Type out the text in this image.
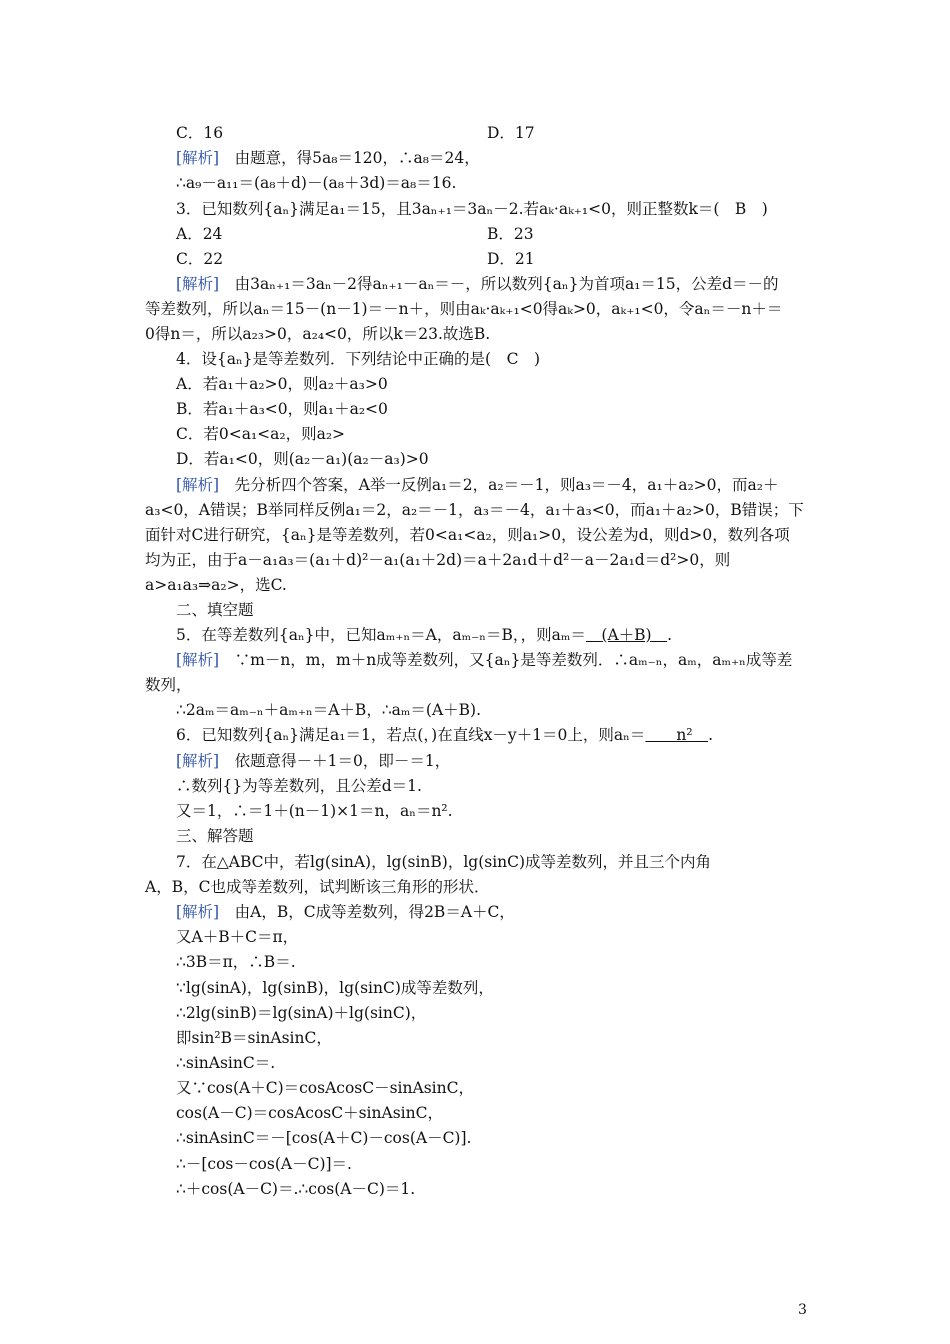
C．16	D．17
[解析]　 由题意，得5a₈＝120，∴a₈＝24，
∴a₉－a₁₁＝(a₈＋d)－(a₈＋3d)＝a₈＝16.
3．已知数列{aₙ}满足a₁＝15，且3aₙ₊₁＝3aₙ－2.若aₖ·aₖ₊₁<0，则正整数k＝(　B　)
A．24	B．23
C．22	D．21
[解析]　 由3aₙ₊₁＝3aₙ－2得aₙ₊₁－aₙ＝－，所以数列{aₙ}为首项a₁＝15，公差d＝－的
等差数列，所以aₙ＝15－(n－1)＝－n＋，则由aₖ·aₖ₊₁<0得aₖ>0，aₖ₊₁<0，令aₙ＝－n＋＝
0得n＝，所以a₂₃>0，a₂₄<0，所以k＝23.故选B.
4．设{aₙ}是等差数列．下列结论中正确的是(　C　)
A．若a₁＋a₂>0，则a₂＋a₃>0
B．若a₁＋a₃<0，则a₁＋a₂<0
C．若0<a₁<a₂，则a₂>
D．若a₁<0，则(a₂－a₁)(a₂－a₃)>0
[解析]　 先分析四个答案，A举一反例a₁＝2，a₂＝－1，则a₃＝－4，a₁＋a₂>0，而a₂＋
a₃<0，A错误；B举同样反例a₁＝2，a₂＝－1，a₃＝－4，a₁＋a₃<0，而a₁＋a₂>0，B错误；下
面针对C进行研究，{aₙ}是等差数列，若0<a₁<a₂，则a₁>0，设公差为d，则d>0，数列各项
均为正，由于a－a₁a₃＝(a₁＋d)²－a₁(a₁＋2d)＝a＋2a₁d＋d²－a－2a₁d＝d²>0，则
a>a₁a₃⇒a₂>，选C.
二、填空题
5．在等差数列{aₙ}中，已知aₘ₊ₙ＝A，aₘ₋ₙ＝B，，则aₘ＝　 (A＋B)　 .
[解析]　 ∵m－n，m，m＋n成等差数列，又{aₙ}是等差数列．∴aₘ₋ₙ，aₘ，aₘ₊ₙ成等差
数列，
∴2aₘ＝aₘ₋ₙ＋aₘ₊ₙ＝A＋B，∴aₘ＝(A＋B).
6．已知数列{aₙ}满足a₁＝1，若点(，)在直线x－y＋1＝0上，则aₙ＝　　 n²　 .
[解析]　 依题意得－＋1＝0，即－＝1，
∴数列{}为等差数列，且公差d＝1.
又＝1，∴＝1＋(n－1)×1＝n，aₙ＝n².
三、解答题
7．在△ABC中，若lg(sinA)，lg(sinB)，lg(sinC)成等差数列，并且三个内角
A，B，C也成等差数列，试判断该三角形的形状．
[解析]　 由A，B，C成等差数列，得2B＝A＋C，
又A＋B＋C＝π，
∴3B＝π，∴B＝.
∵lg(sinA)，lg(sinB)，lg(sinC)成等差数列，
∴2lg(sinB)＝lg(sinA)＋lg(sinC)，
即sin²B＝sinAsinC，
∴sinAsinC＝.
又∵cos(A＋C)＝cosAcosC－sinAsinC，
cos(A－C)＝cosAcosC＋sinAsinC，
∴sinAsinC＝－[cos(A＋C)－cos(A－C)].
∴－[cos－cos(A－C)]＝.
∴＋cos(A－C)＝.∴cos(A－C)＝1.
3
